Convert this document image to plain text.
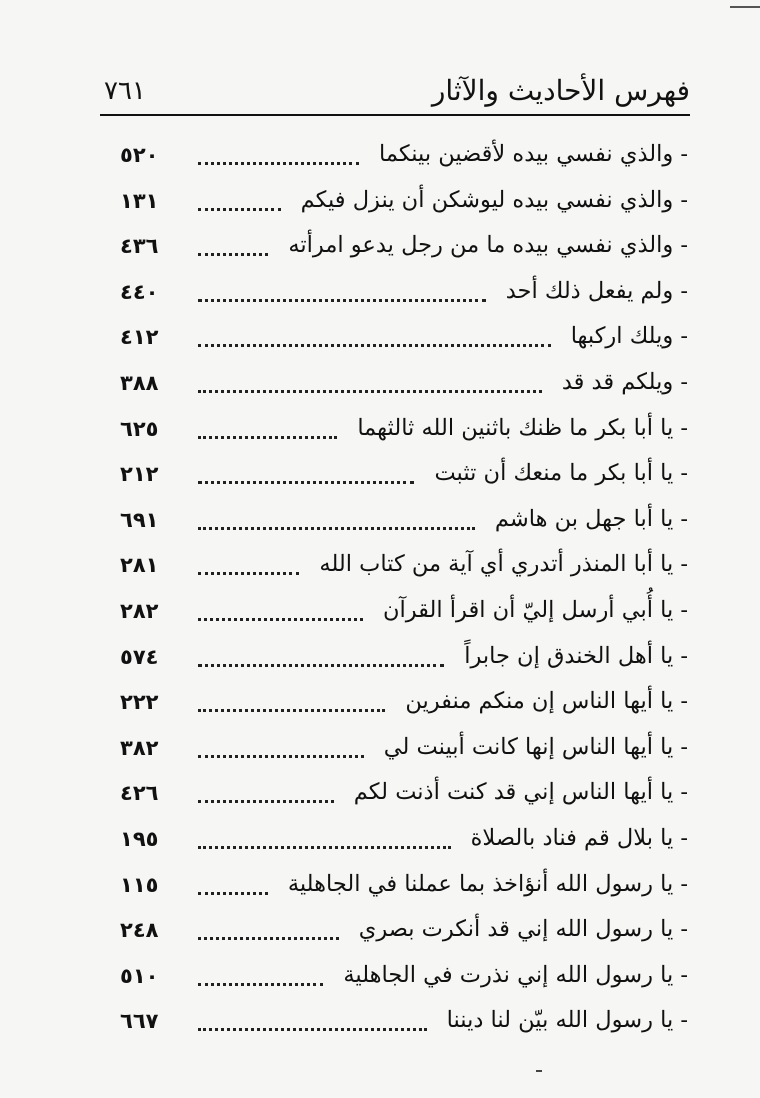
فهرس الأحاديث والآثار
٧٦١
- والذي نفسي بيده لأقضين بينكما
٥٢٠
- والذي نفسي بيده ليوشكن أن ينزل فيكم
١٣١
- والذي نفسي بيده ما من رجل يدعو امرأته
٤٣٦
- ولم يفعل ذلك أحد
٤٤٠
- ويلك اركبها
٤١٢
- ويلكم قد قد
٣٨٨
- يا أبا بكر ما ظنك باثنين الله ثالثهما
٦٢٥
- يا أبا بكر ما منعك أن تثبت
٢١٢
- يا أبا جهل بن هاشم
٦٩١
- يا أبا المنذر أتدري أي آية من كتاب الله
٢٨١
- يا أُبي أرسل إليّ أن اقرأ القرآن
٢٨٢
- يا أهل الخندق إن جابراً
٥٧٤
- يا أيها الناس إن منكم منفرين
٢٢٢
- يا أيها الناس إنها كانت أبينت لي
٣٨٢
- يا أيها الناس إني قد كنت أذنت لكم
٤٢٦
- يا بلال قم فناد بالصلاة
١٩٥
- يا رسول الله أنؤاخذ بما عملنا في الجاهلية
١١٥
- يا رسول الله إني قد أنكرت بصري
٢٤٨
- يا رسول الله إني نذرت في الجاهلية
٥١٠
- يا رسول الله بيّن لنا ديننا
٦٦٧
